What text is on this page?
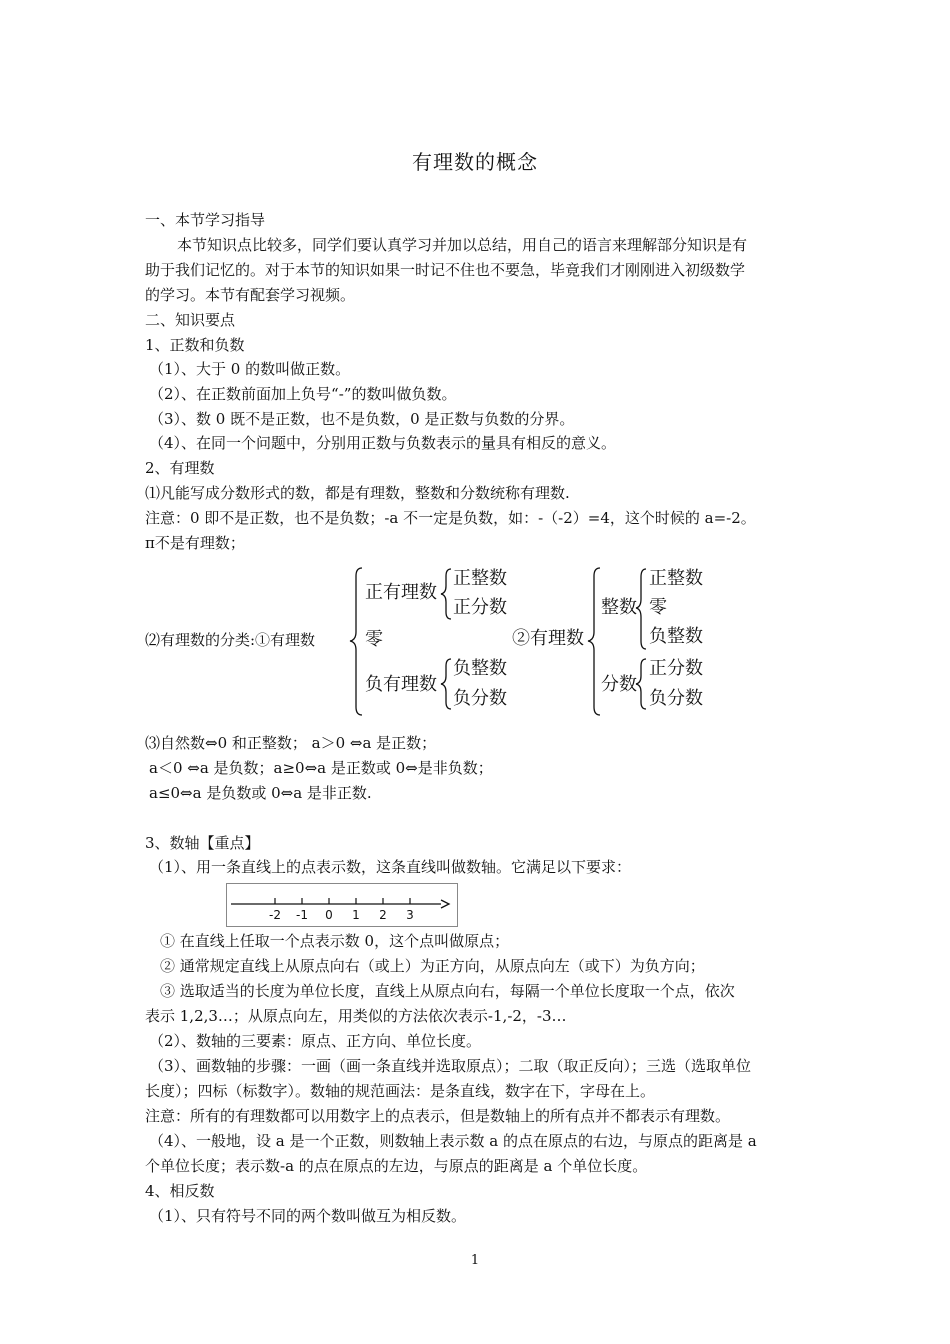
有理数的概念
一、本节学习指导
本节知识点比较多，同学们要认真学习并加以总结，用自己的语言来理解部分知识是有
助于我们记忆的。对于本节的知识如果一时记不住也不要急，毕竟我们才刚刚进入初级数学
的学习。本节有配套学习视频。
二、知识要点
1、正数和负数
（1）、大于 0 的数叫做正数。
（2）、在正数前面加上负号“-”的数叫做负数。
（3）、数 0 既不是正数，也不是负数，0 是正数与负数的分界。
（4）、在同一个问题中，分别用正数与负数表示的量具有相反的意义。
2、有理数
⑴凡能写成分数形式的数，都是有理数，整数和分数统称有理数.
注意：0 即不是正数，也不是负数；-a 不一定是负数，如：-（-2）=4，这个时候的 a=-2。
π不是有理数；
⑵有理数的分类:①有理数
正有理数
正整数
正分数
零
负有理数
负整数
负分数
②有理数
整数
正整数
零
负整数
分数
正分数
负分数
⑶自然数⇔0 和正整数； a＞0 ⇔a 是正数；
a＜0 ⇔a 是负数；a≥0⇔a 是正数或 0⇔是非负数；
a≤0⇔a 是负数或 0⇔a 是非正数.
3、数轴【重点】
（1）、用一条直线上的点表示数，这条直线叫做数轴。它满足以下要求：
-2 -1 0 1 2 3
① 在直线上任取一个点表示数 0，这个点叫做原点；
② 通常规定直线上从原点向右（或上）为正方向，从原点向左（或下）为负方向；
③ 选取适当的长度为单位长度，直线上从原点向右，每隔一个单位长度取一个点，依次
表示 1,2,3…；从原点向左，用类似的方法依次表示-1,-2，-3…
（2）、数轴的三要素：原点、正方向、单位长度。
（3）、画数轴的步骤：一画（画一条直线并选取原点）；二取（取正反向）；三选（选取单位
长度）；四标（标数字）。数轴的规范画法：是条直线，数字在下，字母在上。
注意：所有的有理数都可以用数字上的点表示，但是数轴上的所有点并不都表示有理数。
（4）、一般地，设 a 是一个正数，则数轴上表示数 a 的点在原点的右边，与原点的距离是 a
个单位长度；表示数-a 的点在原点的左边，与原点的距离是 a 个单位长度。
4、相反数
（1）、只有符号不同的两个数叫做互为相反数。
1
